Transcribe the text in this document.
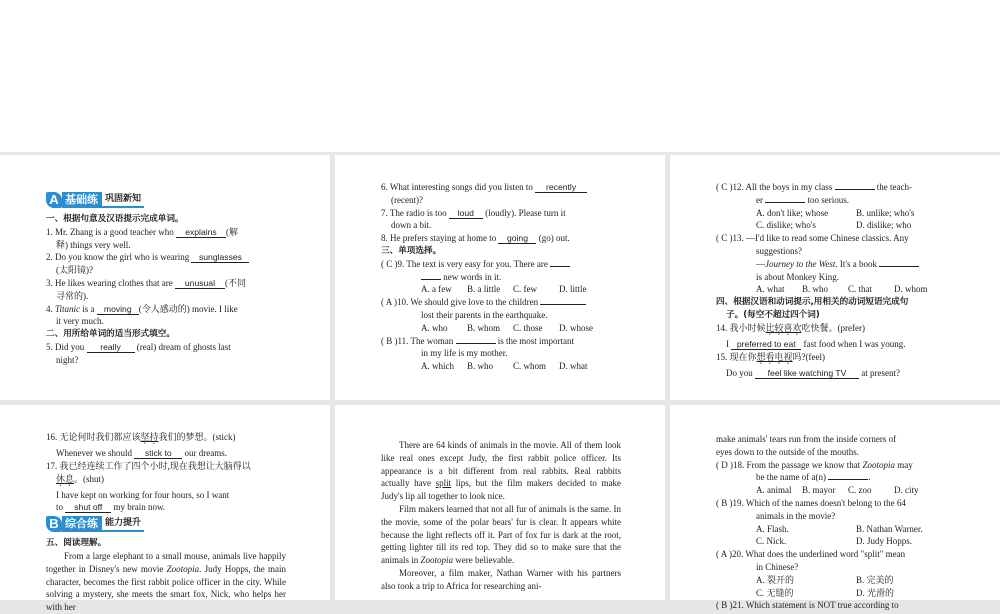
A 基础练 巩固新知
一、根据句意及汉语提示完成单词。
1. Mr. Zhang is a good teacher who explains (解
释) things very well.
2. Do you know the girl who is wearing sunglasses
(太阳镜)?
3. He likes wearing clothes that are unusual (不同
寻常的).
4. Titanic is a moving (令人感动的) movie. I like
it very much.
二、用所给单词的适当形式填空。
5. Did you really (real) dream of ghosts last
night?
6. What interesting songs did you listen to recently
(recent)?
7. The radio is too loud (loudly). Please turn it
down a bit.
8. He prefers staying at home to going (go) out.
三、单项选择。
( C )9. The text is very easy for you. There are
new words in it.
A. a few	B. a little	C. few	D. little
( A )10. We should give love to the children
lost their parents in the earthquake.
A. who	B. whom	C. those	D. whose
( B )11. The woman	is the most important
in my life is my mother.
A. which	B. who	C. whom	D. what
( C )12. All the boys in my class	the teach-
er	too serious.
A. don't like; whose	B. unlike; who's
C. dislike; who's	D. dislike; who
( C )13. —I'd like to read some Chinese classics. Any
suggestions?
—Journey to the West. It's a book
is about Monkey King.
A. what	B. who	C. that	D. whom
四、根据汉语和动词提示,用相关的动词短语完成句
子。(每空不超过四个词)
14. 我小时候比较喜欢吃快餐。(prefer)
I preferred to eat fast food when I was young.
15. 现在你想看电视吗?(feel)
Do you feel like watching TV at present?
16. 无论何时我们都应该坚持我们的梦想。(stick)
Whenever we should stick to our dreams.
17. 我已经连续工作了四个小时,现在我想让大脑得以
休息。(shut)
I have kept on working for four hours, so I want
to shut off my brain now.
B 综合练 能力提升
五、阅读理解。
From a large elephant to a small mouse, animals live happily together in Disney's new movie Zootopia. Judy Hopps, the main character, becomes the first rabbit police officer in the city. While solving a mystery, she meets the smart fox, Nick, who helps her with her
There are 64 kinds of animals in the movie. All of them look like real ones except Judy, the first rabbit police officer. Its appearance is a bit different from real rabbits. Real rabbits actually have split lips, but the film makers decided to make Judy's lip all together to look nice.
Film makers learned that not all fur of animals is the same. In the movie, some of the polar bears' fur is clear. It appears white because the light reflects off it. Part of fox fur is dark at the root, getting lighter till its red top. They did so to make sure that the animals in Zootopia were believable.
Moreover, a film maker, Nathan Warner with his partners also took a trip to Africa for researching ani-
make animals' tears run from the inside corners of
eyes down to the outside of the mouths.
( D )18. From the passage we know that Zootopia may
be the name of a(n)	.
A. animal	B. mayor	C. zoo	D. city
( B )19. Which of the names doesn't belong to the 64
animals in the movie?
A. Flash.	B. Nathan Warner.
C. Nick.	D. Judy Hopps.
( A )20. What does the underlined word "split" mean
in Chinese?
A. 裂开的	B. 完美的
C. 无缝的	D. 光滑的
( B )21. Which statement is NOT true according to
